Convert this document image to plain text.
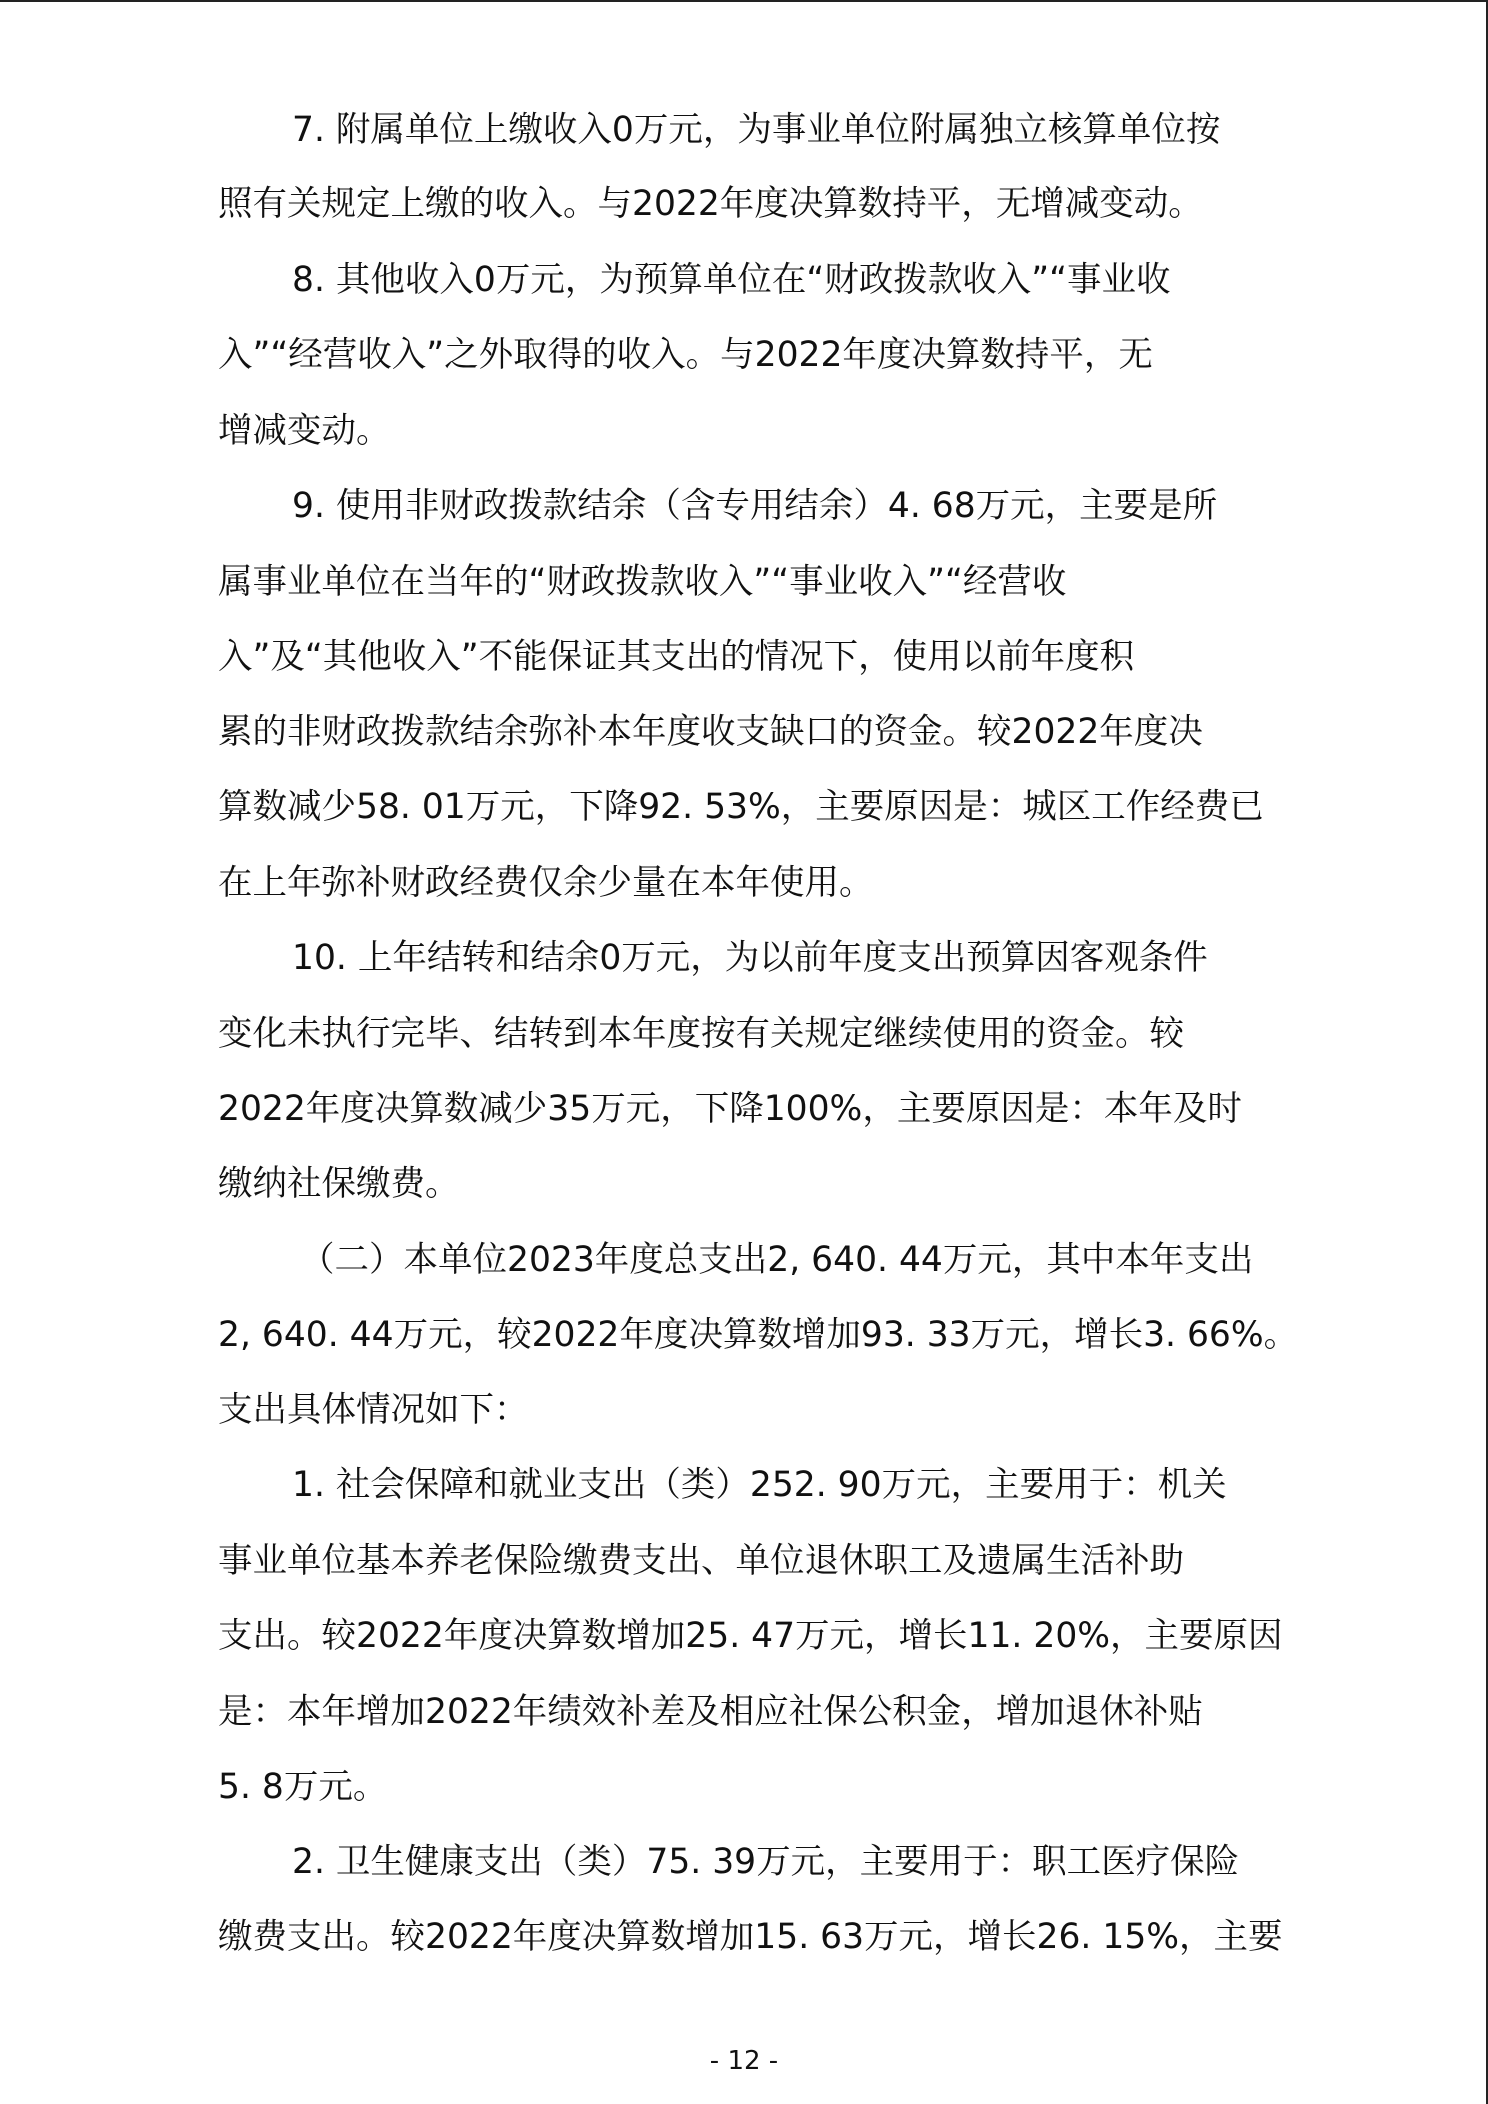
7. 附属单位上缴收入0万元，为事业单位附属独立核算单位按
照有关规定上缴的收入。与2022年度决算数持平，无增减变动。
8. 其他收入0万元，为预算单位在“财政拨款收入”“事业收
入”“经营收入”之外取得的收入。与2022年度决算数持平，无
增减变动。
9. 使用非财政拨款结余（含专用结余）4. 68万元，主要是所
属事业单位在当年的“财政拨款收入”“事业收入”“经营收
入”及“其他收入”不能保证其支出的情况下，使用以前年度积
累的非财政拨款结余弥补本年度收支缺口的资金。较2022年度决
算数减少58. 01万元，下降92. 53%，主要原因是：城区工作经费已
在上年弥补财政经费仅余少量在本年使用。
10. 上年结转和结余0万元，为以前年度支出预算因客观条件
变化未执行完毕、结转到本年度按有关规定继续使用的资金。较
2022年度决算数减少35万元，下降100%，主要原因是：本年及时
缴纳社保缴费。
（二）本单位2023年度总支出2, 640. 44万元，其中本年支出
2, 640. 44万元，较2022年度决算数增加93. 33万元，增长3. 66%。
支出具体情况如下：
1. 社会保障和就业支出（类）252. 90万元，主要用于：机关
事业单位基本养老保险缴费支出、单位退休职工及遗属生活补助
支出。较2022年度决算数增加25. 47万元，增长11. 20%，主要原因
是：本年增加2022年绩效补差及相应社保公积金，增加退休补贴
5. 8万元。
2. 卫生健康支出（类）75. 39万元，主要用于：职工医疗保险
缴费支出。较2022年度决算数增加15. 63万元，增长26. 15%，主要
- 12 -
